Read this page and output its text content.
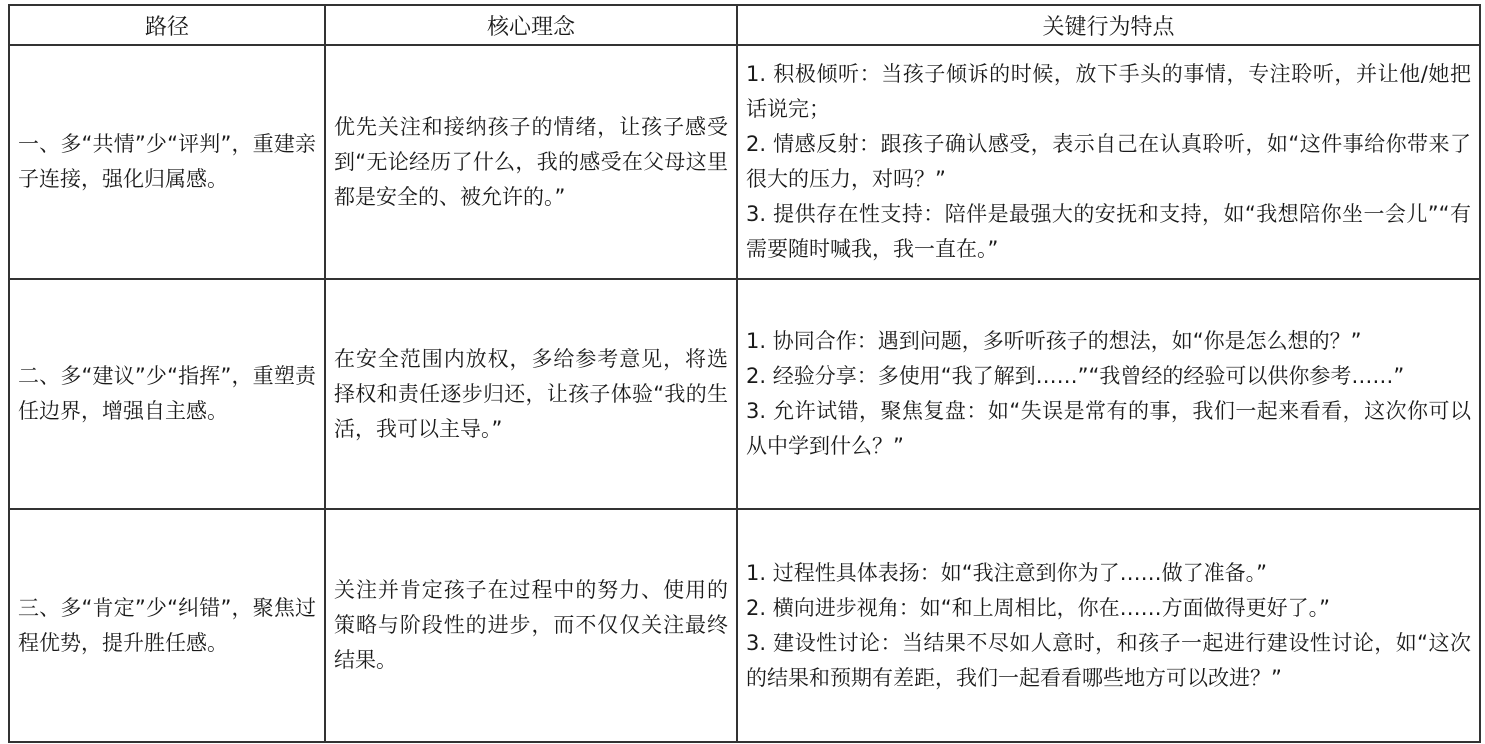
路径	核心理念	关键行为特点

一、多“共情”少“评判”，重建亲子连接，强化归属感。	优先关注和接纳孩子的情绪，让孩子感受到“无论经历了什么，我的感受在父母这里都是安全的、被允许的。”	1. 积极倾听：当孩子倾诉的时候，放下手头的事情，专注聆听，并让他/她把话说完；
2. 情感反射：跟孩子确认感受，表示自己在认真聆听，如“这件事给你带来了很大的压力，对吗？”
3. 提供存在性支持：陪伴是最强大的安抚和支持，如“我想陪你坐一会儿”“有需要随时喊我，我一直在。”

二、多“建议”少“指挥”，重塑责任边界，增强自主感。	在安全范围内放权，多给参考意见，将选择权和责任逐步归还，让孩子体验“我的生活，我可以主导。”	1. 协同合作：遇到问题，多听听孩子的想法，如“你是怎么想的？”
2. 经验分享：多使用“我了解到……”“我曾经的经验可以供你参考……”
3. 允许试错，聚焦复盘：如“失误是常有的事，我们一起来看看，这次你可以从中学到什么？”

三、多“肯定”少“纠错”，聚焦过程优势，提升胜任感。	关注并肯定孩子在过程中的努力、使用的策略与阶段性的进步，而不仅仅关注最终结果。	1. 过程性具体表扬：如“我注意到你为了……做了准备。”
2. 横向进步视角：如“和上周相比，你在……方面做得更好了。”
3. 建设性讨论：当结果不尽如人意时，和孩子一起进行建设性讨论，如“这次的结果和预期有差距，我们一起看看哪些地方可以改进？”
